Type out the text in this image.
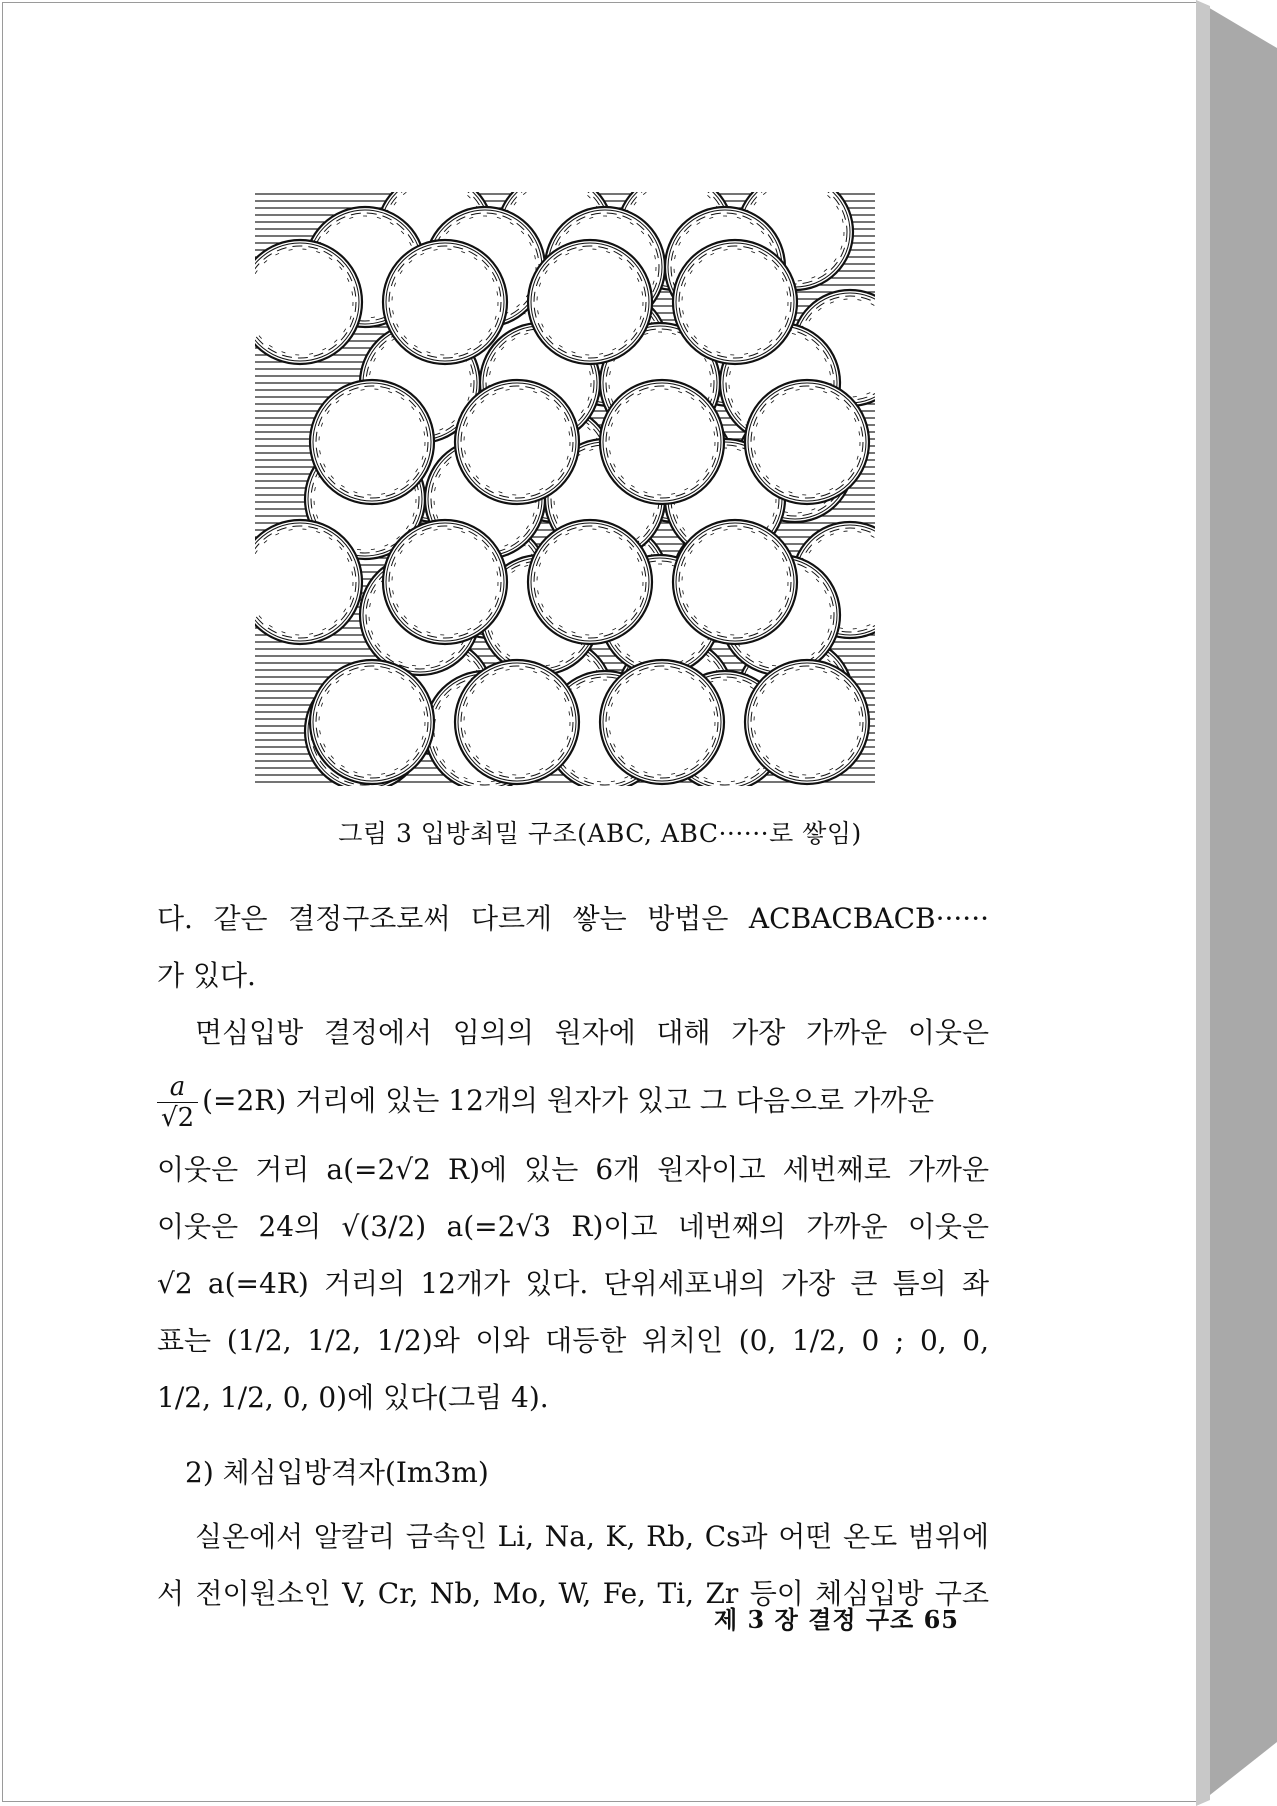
그림 3 입방최밀 구조(ABC, ABC······로 쌓임)
다. 같은 결정구조로써 다르게 쌓는 방법은 ACBACBACB······
가 있다.
면심입방 결정에서 임의의 원자에 대해 가장 가까운 이웃은
$\frac{a}{√2} (=2R)$ 거리에 있는 12개의 원자가 있고 그 다음으로 가까운
이웃은 거리 a(=2√2 R)에 있는 6개 원자이고 세번째로 가까운
이웃은 24의 √(3/2) a(=2√3 R)이고 네번째의 가까운 이웃은
√2 a(=4R) 거리의 12개가 있다. 단위세포내의 가장 큰 틈의 좌
표는 (1/2, 1/2, 1/2)와 이와 대등한 위치인 (0, 1/2, 0 ; 0, 0,
1/2, 1/2, 0, 0)에 있다(그림 4).
2) 체심입방격자(Im3m)
실온에서 알칼리 금속인 Li, Na, K, Rb, Cs과 어떤 온도 범위에
서 전이원소인 V, Cr, Nb, Mo, W, Fe, Ti, Zr 등이 체심입방 구조
제 3 장 결정 구조 65
